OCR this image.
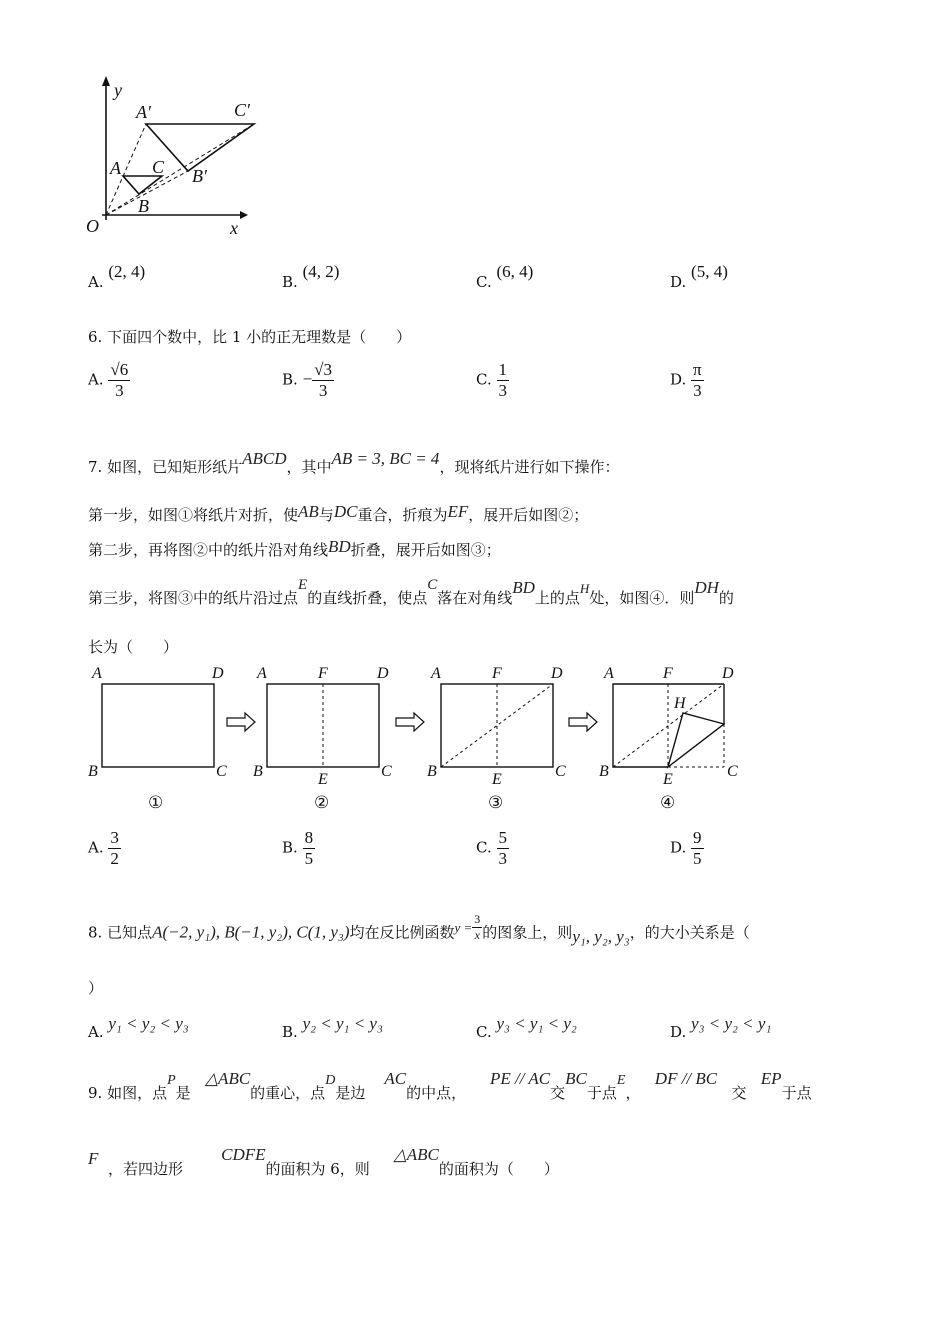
y
x
O
A′	C′
B′
A C
B
A. (2, 4)
B. (4, 2)
C. (6, 4)
D. (5, 4)
6. 下面四个数中，比 1 小的正无理数是（　　）
A. $\frac{√6}{3}$	B. − $\frac{√3}{3}$	C. $\frac{1}{3}$	D. $\frac{\pi}{3}$
7. 如图，已知矩形纸片ABCD，其中AB = 3, BC = 4，现将纸片进行如下操作：
第一步，如图①将纸片对折，使AB与DC重合，折痕为EF，展开后如图②；
第二步，再将图②中的纸片沿对角线BD折叠，展开后如图③；
第三步，将图③中的纸片沿过点E的直线折叠，使点C落在对角线BD上的点H处，如图④．则DH的
长为（　　）
A	D
B	C
A	F	D
B	E	C
A	F	D
B	E	C
A	F	D
H
B	E	C
①	②	③	④
A. $\frac{3}{2}$	B. $\frac{8}{5}$	C. $\frac{5}{3}$	D. $\frac{9}{5}$
8. 已知点A(−2, y₁), B(−1, y₂), C(1, y₃)均在反比例函数$y = \frac{3}{x}$ 的图象上，则y₁, y₂, y₃，的大小关系是（
）
A. y₁ < y₂ < y₃	B. y₂ < y₁ < y₃	C. y₃ < y₁ < y₂	D. y₃ < y₂ < y₁
9. 如图，点P是   △ABC的重心，点D是边    AC的中点，     PE // AC交BC于点E，   DF // BC   交   EP于点
F  ，若四边形        CDFE的面积为 6，则     △ABC的面积为（　　）
